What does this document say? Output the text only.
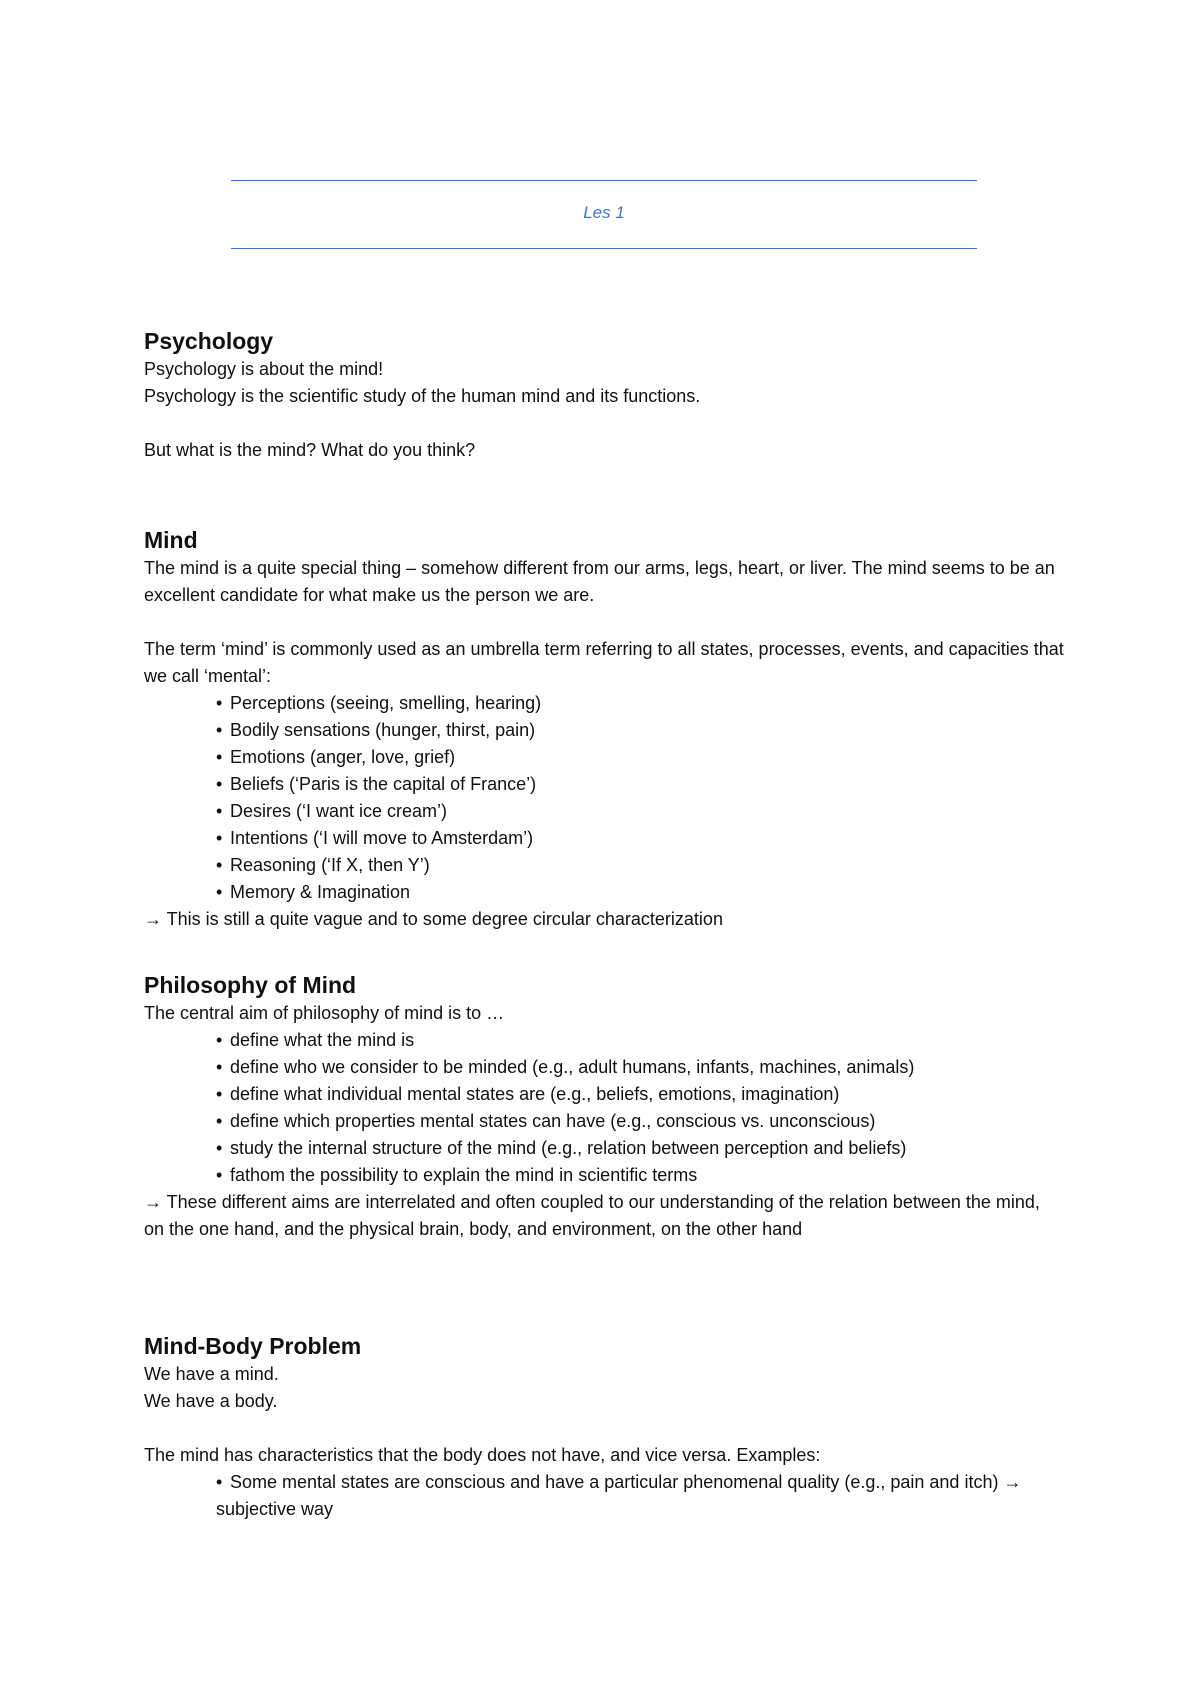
Les 1

Psychology

Psychology is about the mind!

Psychology is the scientific study of the human mind and its functions.

But what is the mind? What do you think?

Mind

The mind is a quite special thing – somehow different from our arms, legs, heart, or liver. The mind seems to be an excellent candidate for what make us the person we are.

The term ‘mind’ is commonly used as an umbrella term referring to all states, processes, events, and capacities that we call ‘mental’:

• Perceptions (seeing, smelling, hearing)
• Bodily sensations (hunger, thirst, pain)
• Emotions (anger, love, grief)
• Beliefs (‘Paris is the capital of France’)
• Desires (‘I want ice cream’)
• Intentions (‘I will move to Amsterdam’)
• Reasoning (‘If X, then Y’)
• Memory & Imagination

→ This is still a quite vague and to some degree circular characterization

Philosophy of Mind

The central aim of philosophy of mind is to …

• define what the mind is
• define who we consider to be minded (e.g., adult humans, infants, machines, animals)
• define what individual mental states are (e.g., beliefs, emotions, imagination)
• define which properties mental states can have (e.g., conscious vs. unconscious)
• study the internal structure of the mind (e.g., relation between perception and beliefs)
• fathom the possibility to explain the mind in scientific terms

→ These different aims are interrelated and often coupled to our understanding of the relation between the mind, on the one hand, and the physical brain, body, and environment, on the other hand

Mind-Body Problem

We have a mind.

We have a body.

The mind has characteristics that the body does not have, and vice versa. Examples:

• Some mental states are conscious and have a particular phenomenal quality (e.g., pain and itch) → subjective way
